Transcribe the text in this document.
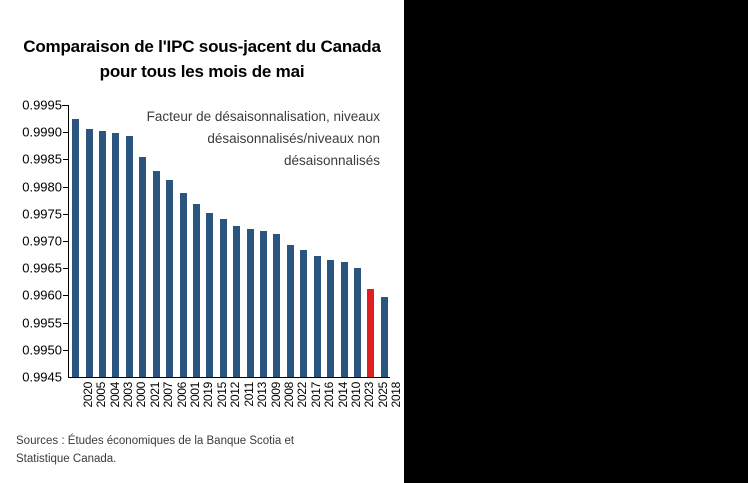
Comparaison de l'IPC sous-jacent du Canada pour tous les mois de mai
Facteur de désaisonnalisation, niveaux désaisonnalisés/niveaux non désaisonnalisés
0.9945
0.9950
0.9955
0.9960
0.9965
0.9970
0.9975
0.9980
0.9985
0.9990
0.9995
Sources : Études économiques de la Banque Scotia et
Statistique Canada.
2020 2005 2004 2003 2000 2021 2007 2006 2001 2019 2015 2012 2011 2013 2009 2008 2022 2017 2016 2014 2010 2023 2025 2018
